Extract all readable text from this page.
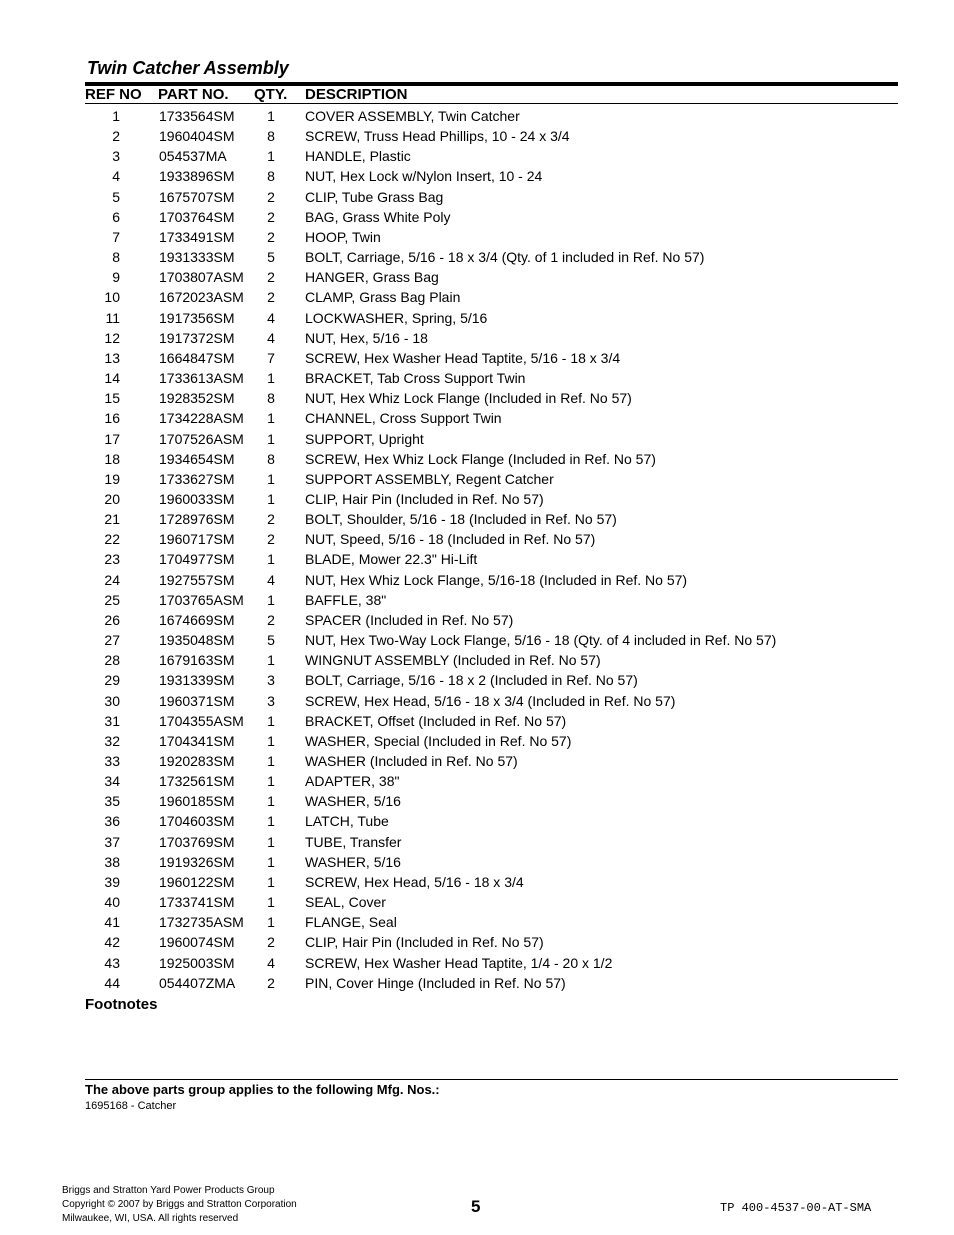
Twin Catcher Assembly
REF NO PART NO. QTY. DESCRIPTION
1	1733564SM	1	COVER ASSEMBLY, Twin Catcher
2	1960404SM	8	SCREW, Truss Head Phillips, 10 - 24 x 3/4
3	054537MA	1	HANDLE, Plastic
4	1933896SM	8	NUT, Hex Lock w/Nylon Insert, 10 - 24
5	1675707SM	2	CLIP, Tube Grass Bag
6	1703764SM	2	BAG, Grass White Poly
7	1733491SM	2	HOOP, Twin
8	1931333SM	5	BOLT, Carriage, 5/16 - 18 x 3/4 (Qty. of 1 included in Ref. No 57)
9	1703807ASM	2	HANGER, Grass Bag
10	1672023ASM	2	CLAMP, Grass Bag Plain
11	1917356SM	4	LOCKWASHER, Spring, 5/16
12	1917372SM	4	NUT, Hex, 5/16 - 18
13	1664847SM	7	SCREW, Hex Washer Head Taptite, 5/16 - 18 x 3/4
14	1733613ASM	1	BRACKET, Tab Cross Support Twin
15	1928352SM	8	NUT, Hex Whiz Lock Flange (Included in Ref. No 57)
16	1734228ASM	1	CHANNEL, Cross Support Twin
17	1707526ASM	1	SUPPORT, Upright
18	1934654SM	8	SCREW, Hex Whiz Lock Flange (Included in Ref. No 57)
19	1733627SM	1	SUPPORT ASSEMBLY, Regent Catcher
20	1960033SM	1	CLIP, Hair Pin (Included in Ref. No 57)
21	1728976SM	2	BOLT, Shoulder, 5/16 - 18 (Included in Ref. No 57)
22	1960717SM	2	NUT, Speed, 5/16 - 18 (Included in Ref. No 57)
23	1704977SM	1	BLADE, Mower 22.3" Hi-Lift
24	1927557SM	4	NUT, Hex Whiz Lock Flange, 5/16-18 (Included in Ref. No 57)
25	1703765ASM	1	BAFFLE, 38"
26	1674669SM	2	SPACER (Included in Ref. No 57)
27	1935048SM	5	NUT, Hex Two-Way Lock Flange, 5/16 - 18 (Qty. of 4 included in Ref. No 57)
28	1679163SM	1	WINGNUT ASSEMBLY (Included in Ref. No 57)
29	1931339SM	3	BOLT, Carriage, 5/16 - 18 x 2 (Included in Ref. No 57)
30	1960371SM	3	SCREW, Hex Head, 5/16 - 18 x 3/4 (Included in Ref. No 57)
31	1704355ASM	1	BRACKET, Offset (Included in Ref. No 57)
32	1704341SM	1	WASHER, Special (Included in Ref. No 57)
33	1920283SM	1	WASHER (Included in Ref. No 57)
34	1732561SM	1	ADAPTER, 38"
35	1960185SM	1	WASHER, 5/16
36	1704603SM	1	LATCH, Tube
37	1703769SM	1	TUBE, Transfer
38	1919326SM	1	WASHER, 5/16
39	1960122SM	1	SCREW, Hex Head, 5/16 - 18 x 3/4
40	1733741SM	1	SEAL, Cover
41	1732735ASM	1	FLANGE, Seal
42	1960074SM	2	CLIP, Hair Pin (Included in Ref. No 57)
43	1925003SM	4	SCREW, Hex Washer Head Taptite, 1/4 - 20 x 1/2
44	054407ZMA	2	PIN, Cover Hinge (Included in Ref. No 57)
Footnotes
The above parts group applies to the following Mfg. Nos.:
1695168 - Catcher
Briggs and Stratton Yard Power Products Group
Copyright © 2007 by Briggs and Stratton Corporation
Milwaukee, WI, USA. All rights reserved
5	TP 400-4537-00-AT-SMA
